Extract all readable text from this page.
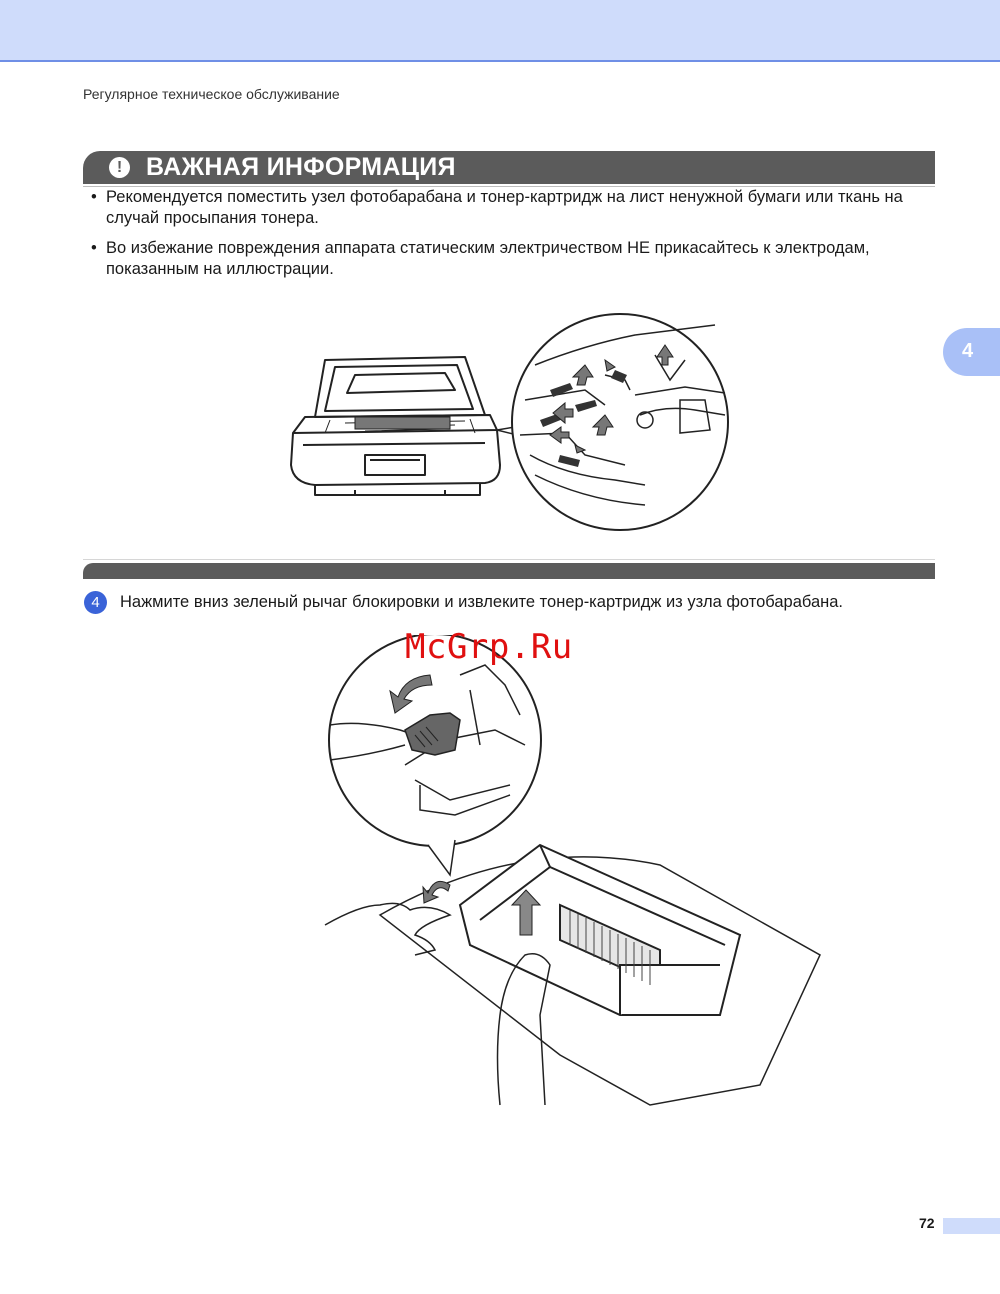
Регулярное техническое обслуживание
4
! ВАЖНАЯ ИНФОРМАЦИЯ
• Рекомендуется поместить узел фотобарабана и тонер-картридж на лист ненужной бумаги или ткань на случай просыпания тонера.
• Во избежание повреждения аппарата статическим электричеством НЕ прикасайтесь к электродам, показанным на иллюстрации.
4	Нажмите вниз зеленый рычаг блокировки и извлеките тонер-картридж из узла фотобарабана.
McGrp.Ru
72
